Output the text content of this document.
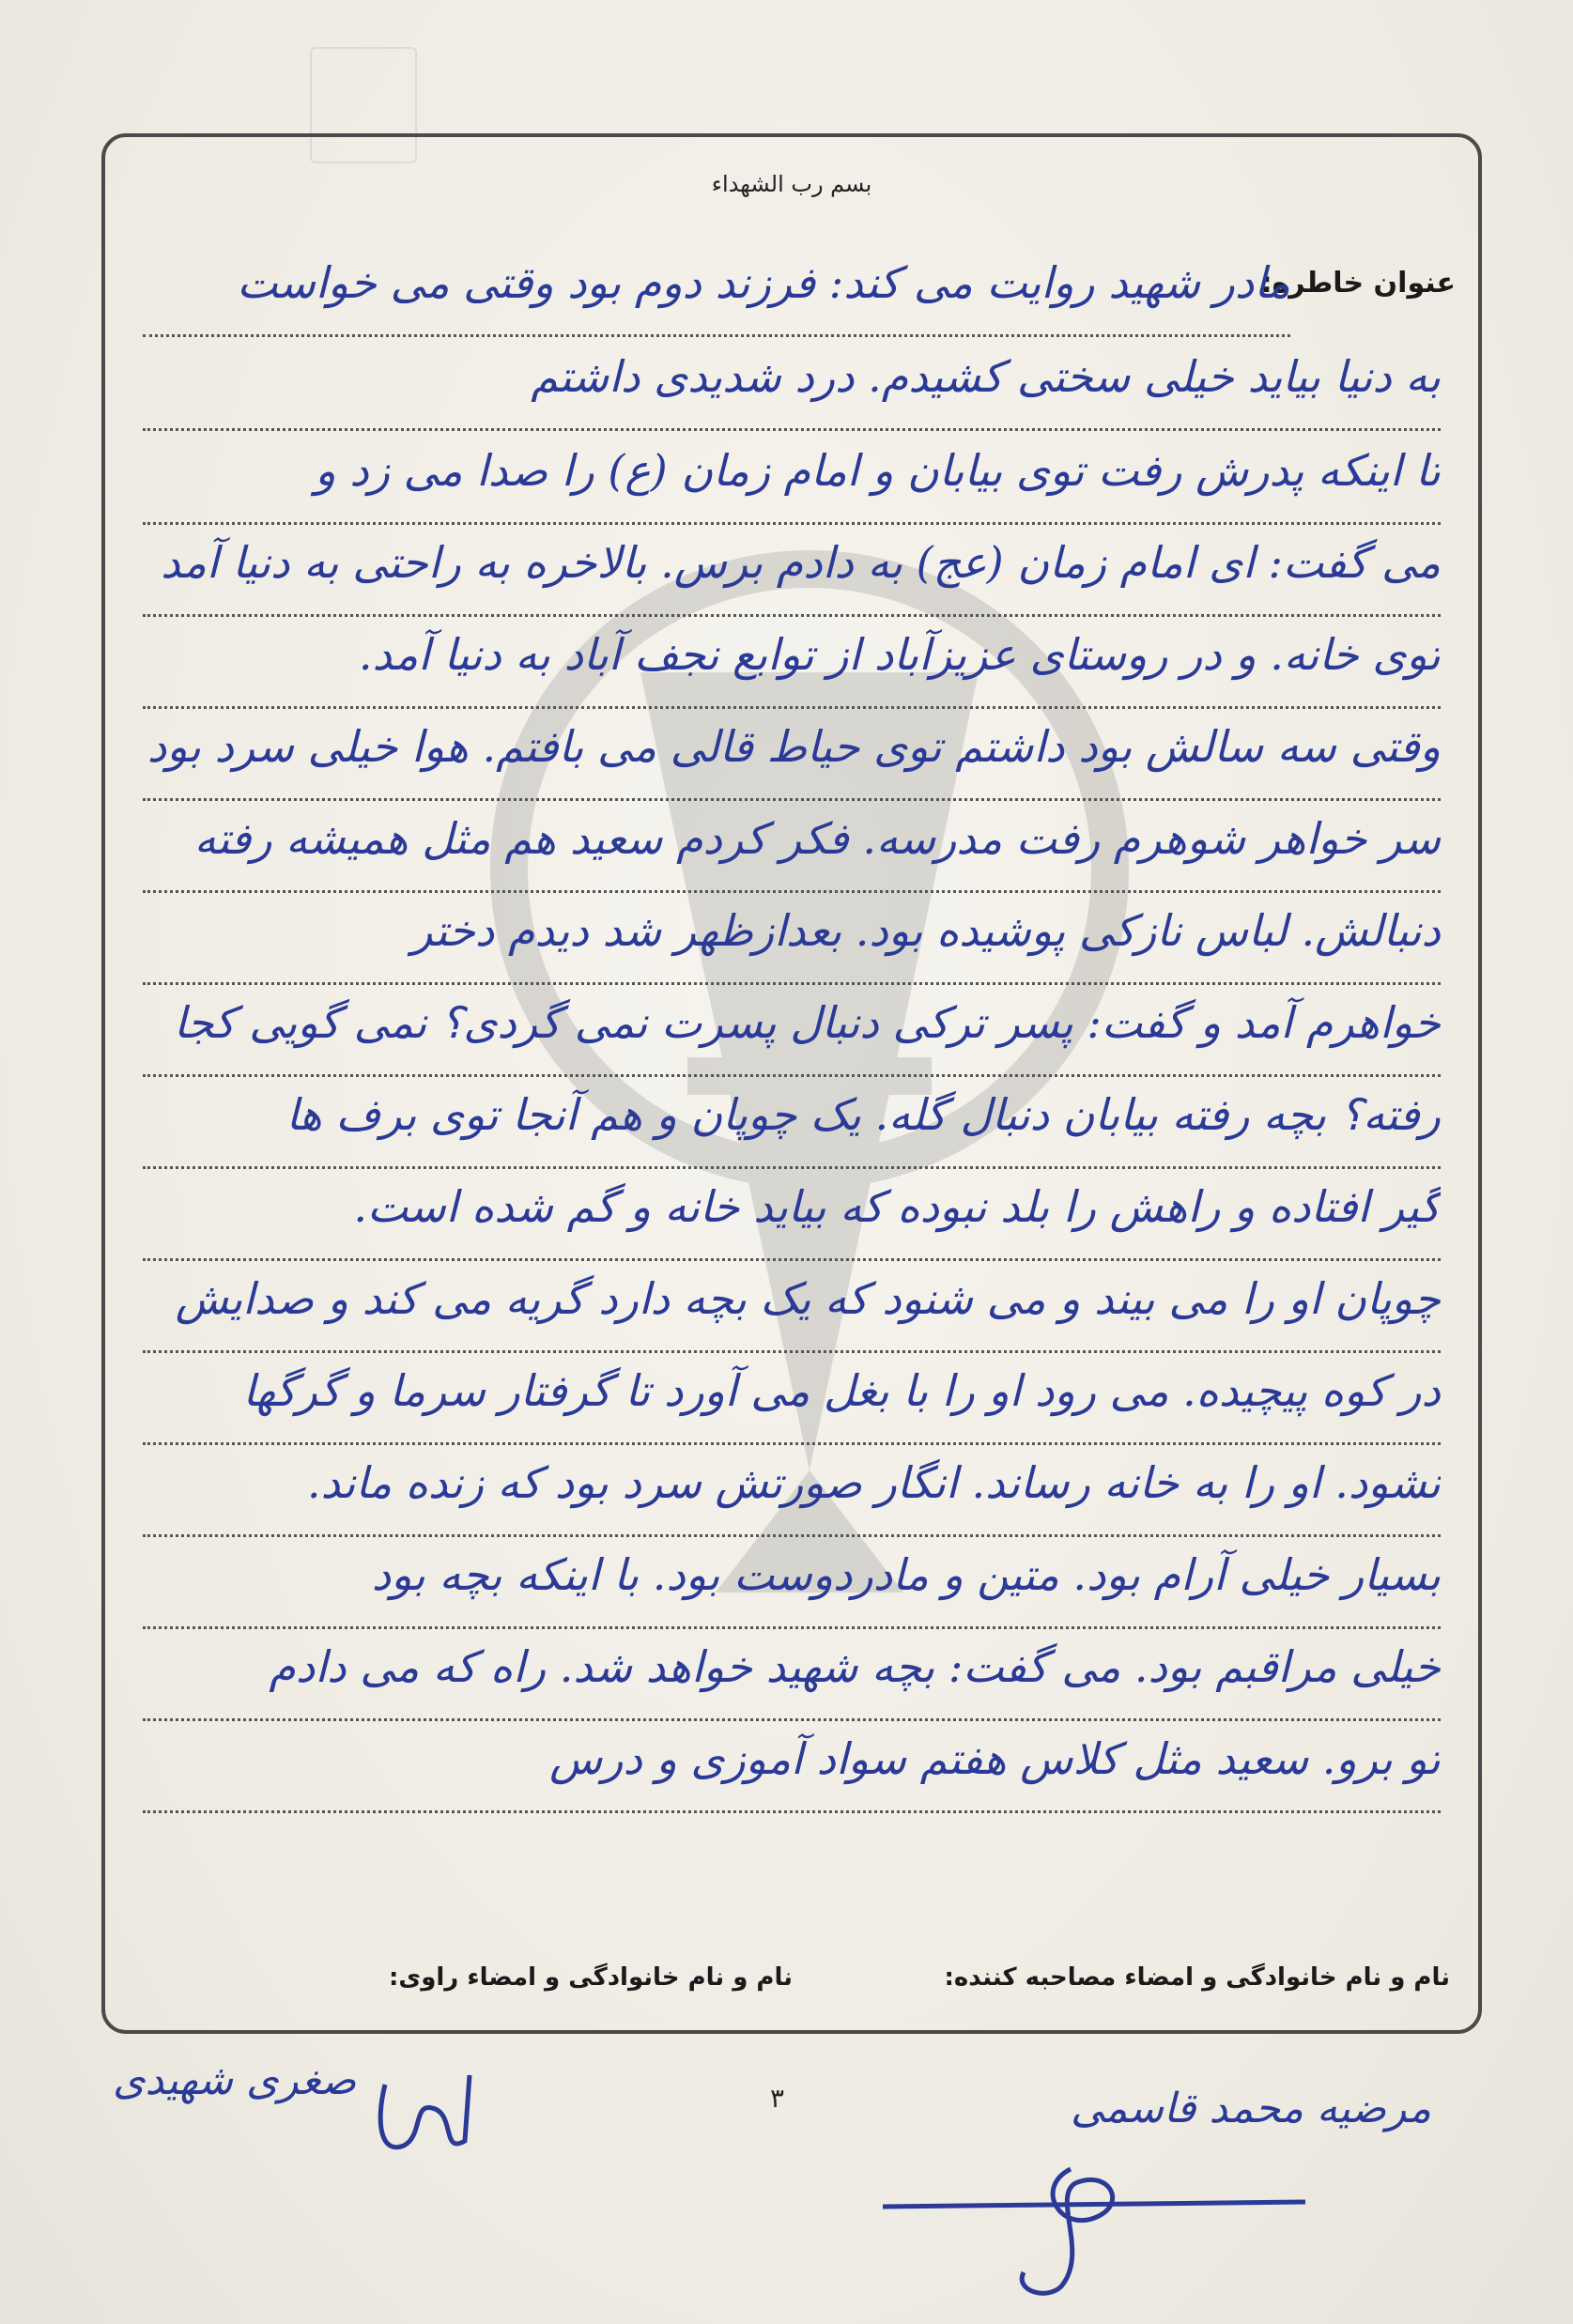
بسم رب الشهداء
عنوان خاطره:
مادر شهید روایت می کند: فرزند دوم بود وقتی می خواست
به دنیا بیاید خیلی سختی کشیدم. درد شدیدی داشتم
تا اینکه پدرش رفت توی بیابان و امام زمان (ع) را صدا می زد و
می گفت: ای امام زمان (عج) به دادم برس. بالاخره به راحتی به دنیا آمد
توی خانه. و در روستای عزیزآباد از توابع نجف آباد به دنیا آمد.
وقتی سه سالش بود داشتم توی حیاط قالی می بافتم. هوا خیلی سرد بود
سر خواهر شوهرم رفت مدرسه. فکر کردم سعید هم مثل همیشه رفته
دنبالش. لباس نازکی پوشیده بود. بعدازظهر شد دیدم دختر
خواهرم آمد و گفت: پسر ترکی دنبال پسرت نمی گردی؟ نمی گویی کجا
رفته؟ بچه رفته بیابان دنبال گله. یک چوپان و هم آنجا توی برف ها
گیر افتاده و راهش را بلد نبوده که بیاید خانه و گم شده است.
چوپان او را می بیند و می شنود که یک بچه دارد گریه می کند و صدایش
در کوه پیچیده. می رود او را با بغل می آورد تا گرفتار سرما و گرگها
نشود. او را به خانه رساند. انگار صورتش سرد بود که زنده ماند.
بسیار خیلی آرام بود. متین و مادردوست بود. با اینکه بچه بود
خیلی مراقبم بود. می گفت: بچه شهید خواهد شد. راه که می دادم
تو برو. سعید مثل کلاس هفتم سواد آموزی و درس
نام و نام خانوادگی و امضاء مصاحبه کننده:
نام و نام خانوادگی و امضاء راوی:
۳
صغری شهیدی
مرضیه محمد قاسمی
